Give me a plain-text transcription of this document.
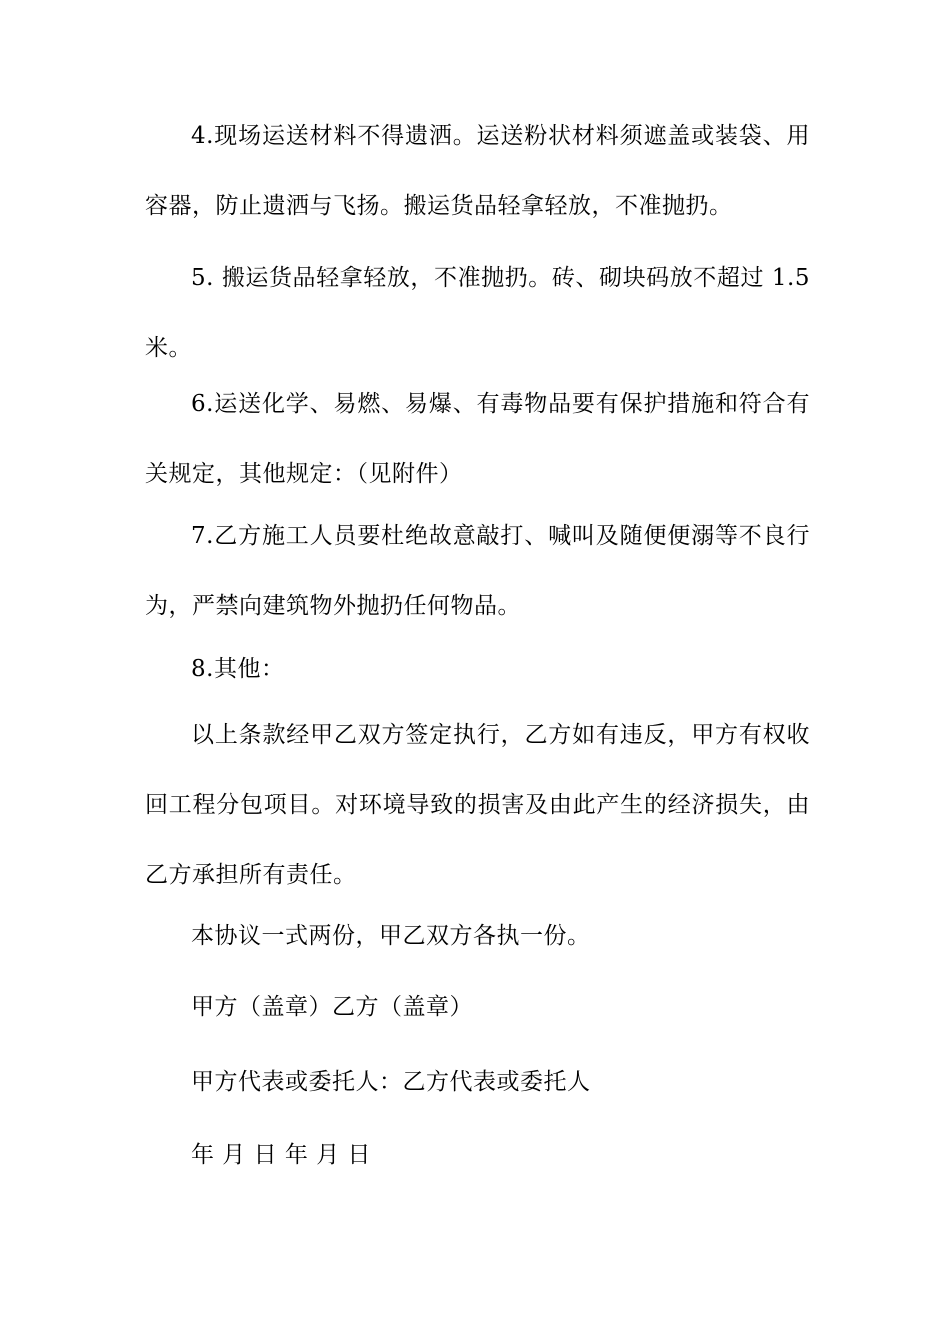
4.现场运送材料不得遗洒。运送粉状材料须遮盖或装袋、用容器，防止遗洒与飞扬。搬运货品轻拿轻放，不准抛扔。

5. 搬运货品轻拿轻放，不准抛扔。砖、砌块码放不超过 1.5 米。

6.运送化学、易燃、易爆、有毒物品要有保护措施和符合有关规定，其他规定：（见附件）

7.乙方施工人员要杜绝故意敲打、喊叫及随便便溺等不良行为，严禁向建筑物外抛扔任何物品。

8.其他：

以上条款经甲乙双方签定执行，乙方如有违反，甲方有权收回工程分包项目。对环境导致的损害及由此产生的经济损失，由乙方承担所有责任。

本协议一式两份，甲乙双方各执一份。

甲方（盖章）乙方（盖章）

甲方代表或委托人：乙方代表或委托人

年 月 日 年 月 日
